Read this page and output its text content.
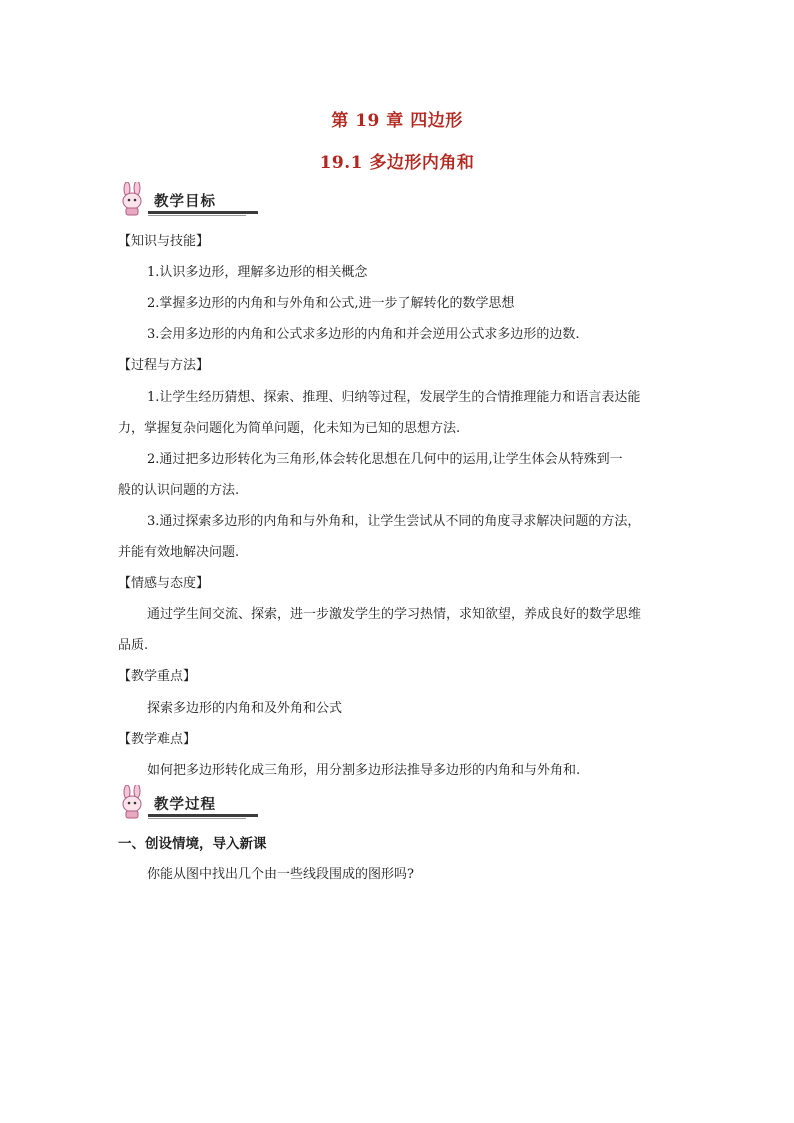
第 19 章 四边形
19.1 多边形内角和
教学目标
【知识与技能】
1.认识多边形，理解多边形的相关概念
2.掌握多边形的内角和与外角和公式,进一步了解转化的数学思想
3.会用多边形的内角和公式求多边形的内角和并会逆用公式求多边形的边数.
【过程与方法】
1.让学生经历猜想、探索、推理、归纳等过程，发展学生的合情推理能力和语言表达能
力，掌握复杂问题化为简单问题，化未知为已知的思想方法.
2.通过把多边形转化为三角形,体会转化思想在几何中的运用,让学生体会从特殊到一
般的认识问题的方法.
3.通过探索多边形的内角和与外角和，让学生尝试从不同的角度寻求解决问题的方法，
并能有效地解决问题.
【情感与态度】
通过学生间交流、探索，进一步激发学生的学习热情，求知欲望，养成良好的数学思维
品质.
【教学重点】
探索多边形的内角和及外角和公式
【教学难点】
如何把多边形转化成三角形，用分割多边形法推导多边形的内角和与外角和.
教学过程
一、创设情境，导入新课
你能从图中找出几个由一些线段围成的图形吗?
